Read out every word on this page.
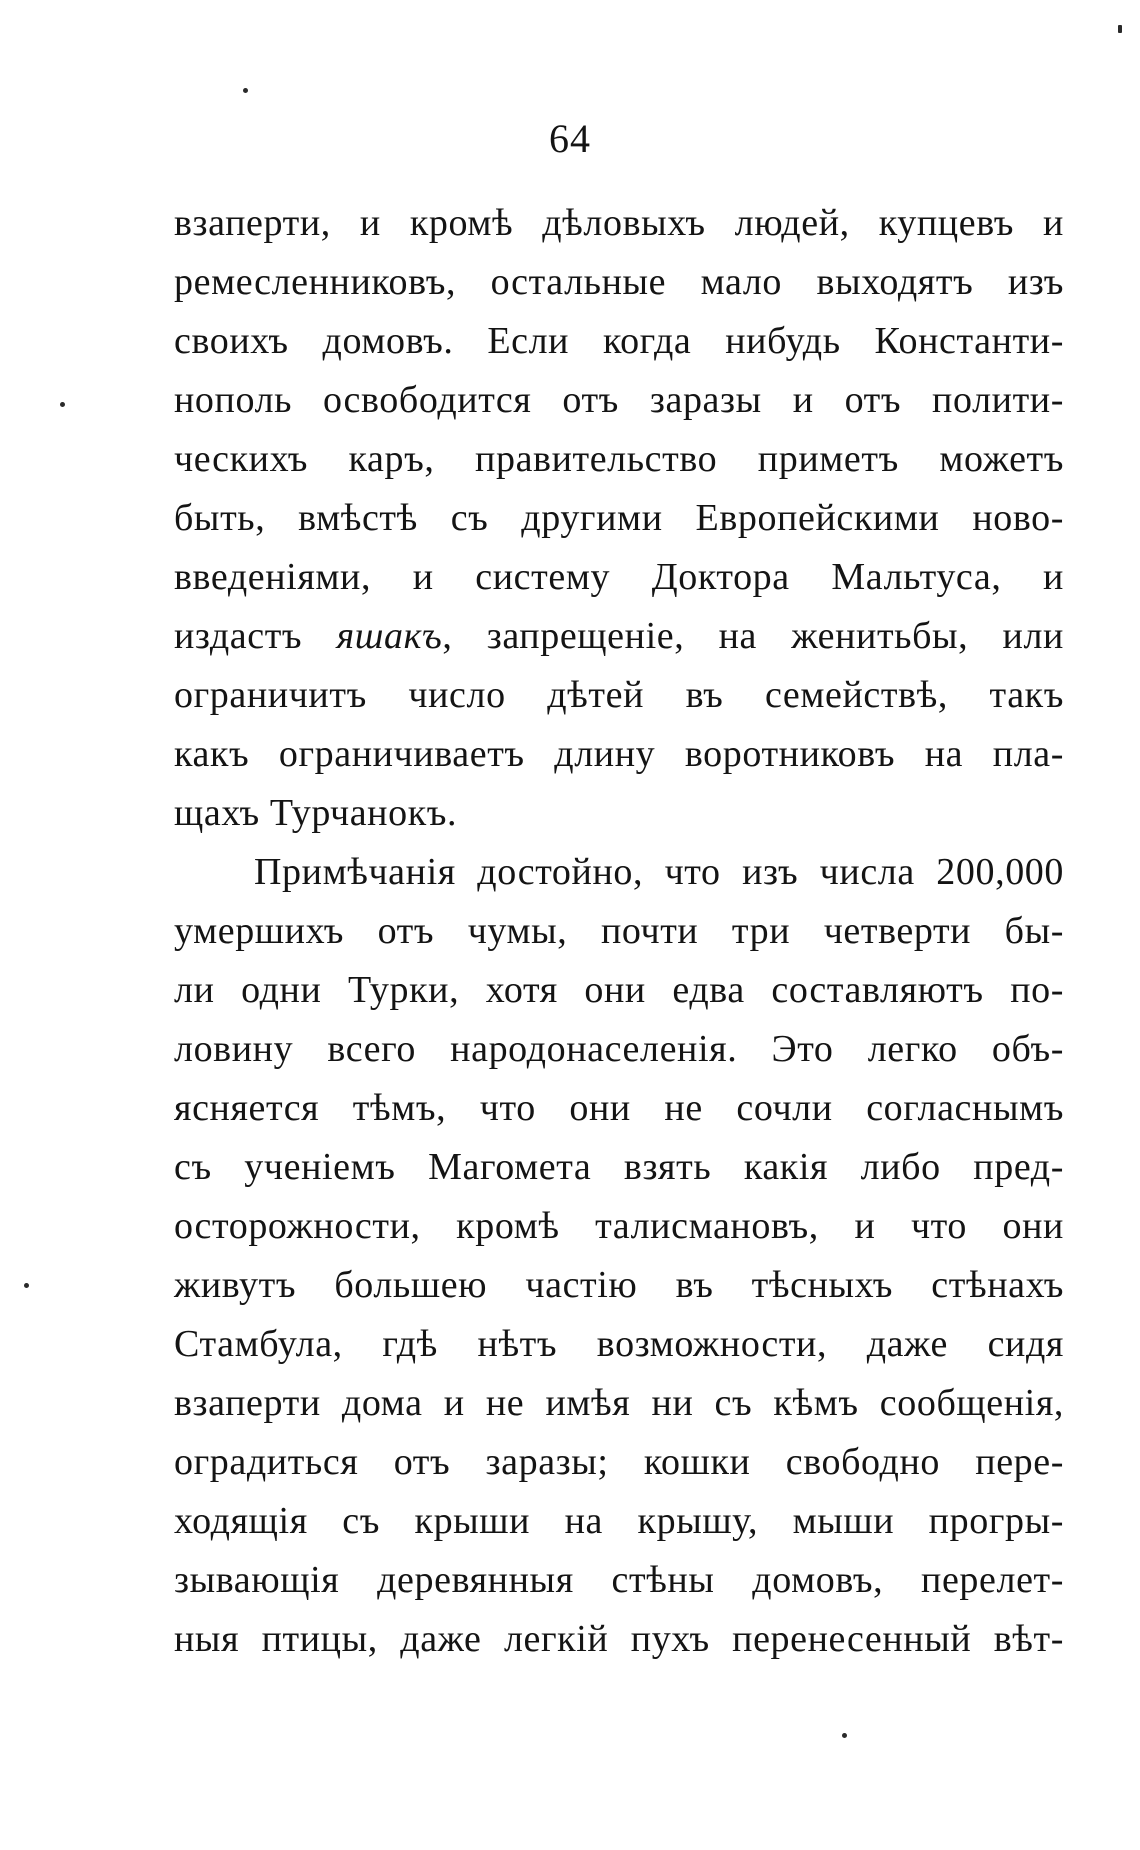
64
взаперти, и кромѣ дѣловыхъ людей, купцевъ и
ремесленниковъ, остальные мало выходятъ изъ
своихъ домовъ. Если когда нибудь Константи-
нополь освободится отъ заразы и отъ полити-
ческихъ каръ, правительство приметъ можетъ
быть, вмѣстѣ съ другими Европейскими ново-
введеніями, и систему Доктора Мальтуса, и
издастъ яшакъ, запрещеніе, на женитьбы, или
ограничитъ число дѣтей въ семействѣ, такъ
какъ ограничиваетъ длину воротниковъ на пла-
щахъ Турчанокъ.
Примѣчанія достойно, что изъ числа 200,000
умершихъ отъ чумы, почти три четверти бы-
ли одни Турки, хотя они едва составляютъ по-
ловину всего народонаселенія. Это легко объ-
ясняется тѣмъ, что они не сочли согласнымъ
съ ученіемъ Магомета взять какія либо пред-
осторожности, кромѣ талисмановъ, и что они
живутъ большею частію въ тѣсныхъ стѣнахъ
Стамбула, гдѣ нѣтъ возможности, даже сидя
взаперти дома и не имѣя ни съ кѣмъ сообщенія,
оградиться отъ заразы; кошки свободно пере-
ходящія съ крыши на крышу, мыши прогры-
зывающія деревянныя стѣны домовъ, перелет-
ныя птицы, даже легкій пухъ перенесенный вѣт-
